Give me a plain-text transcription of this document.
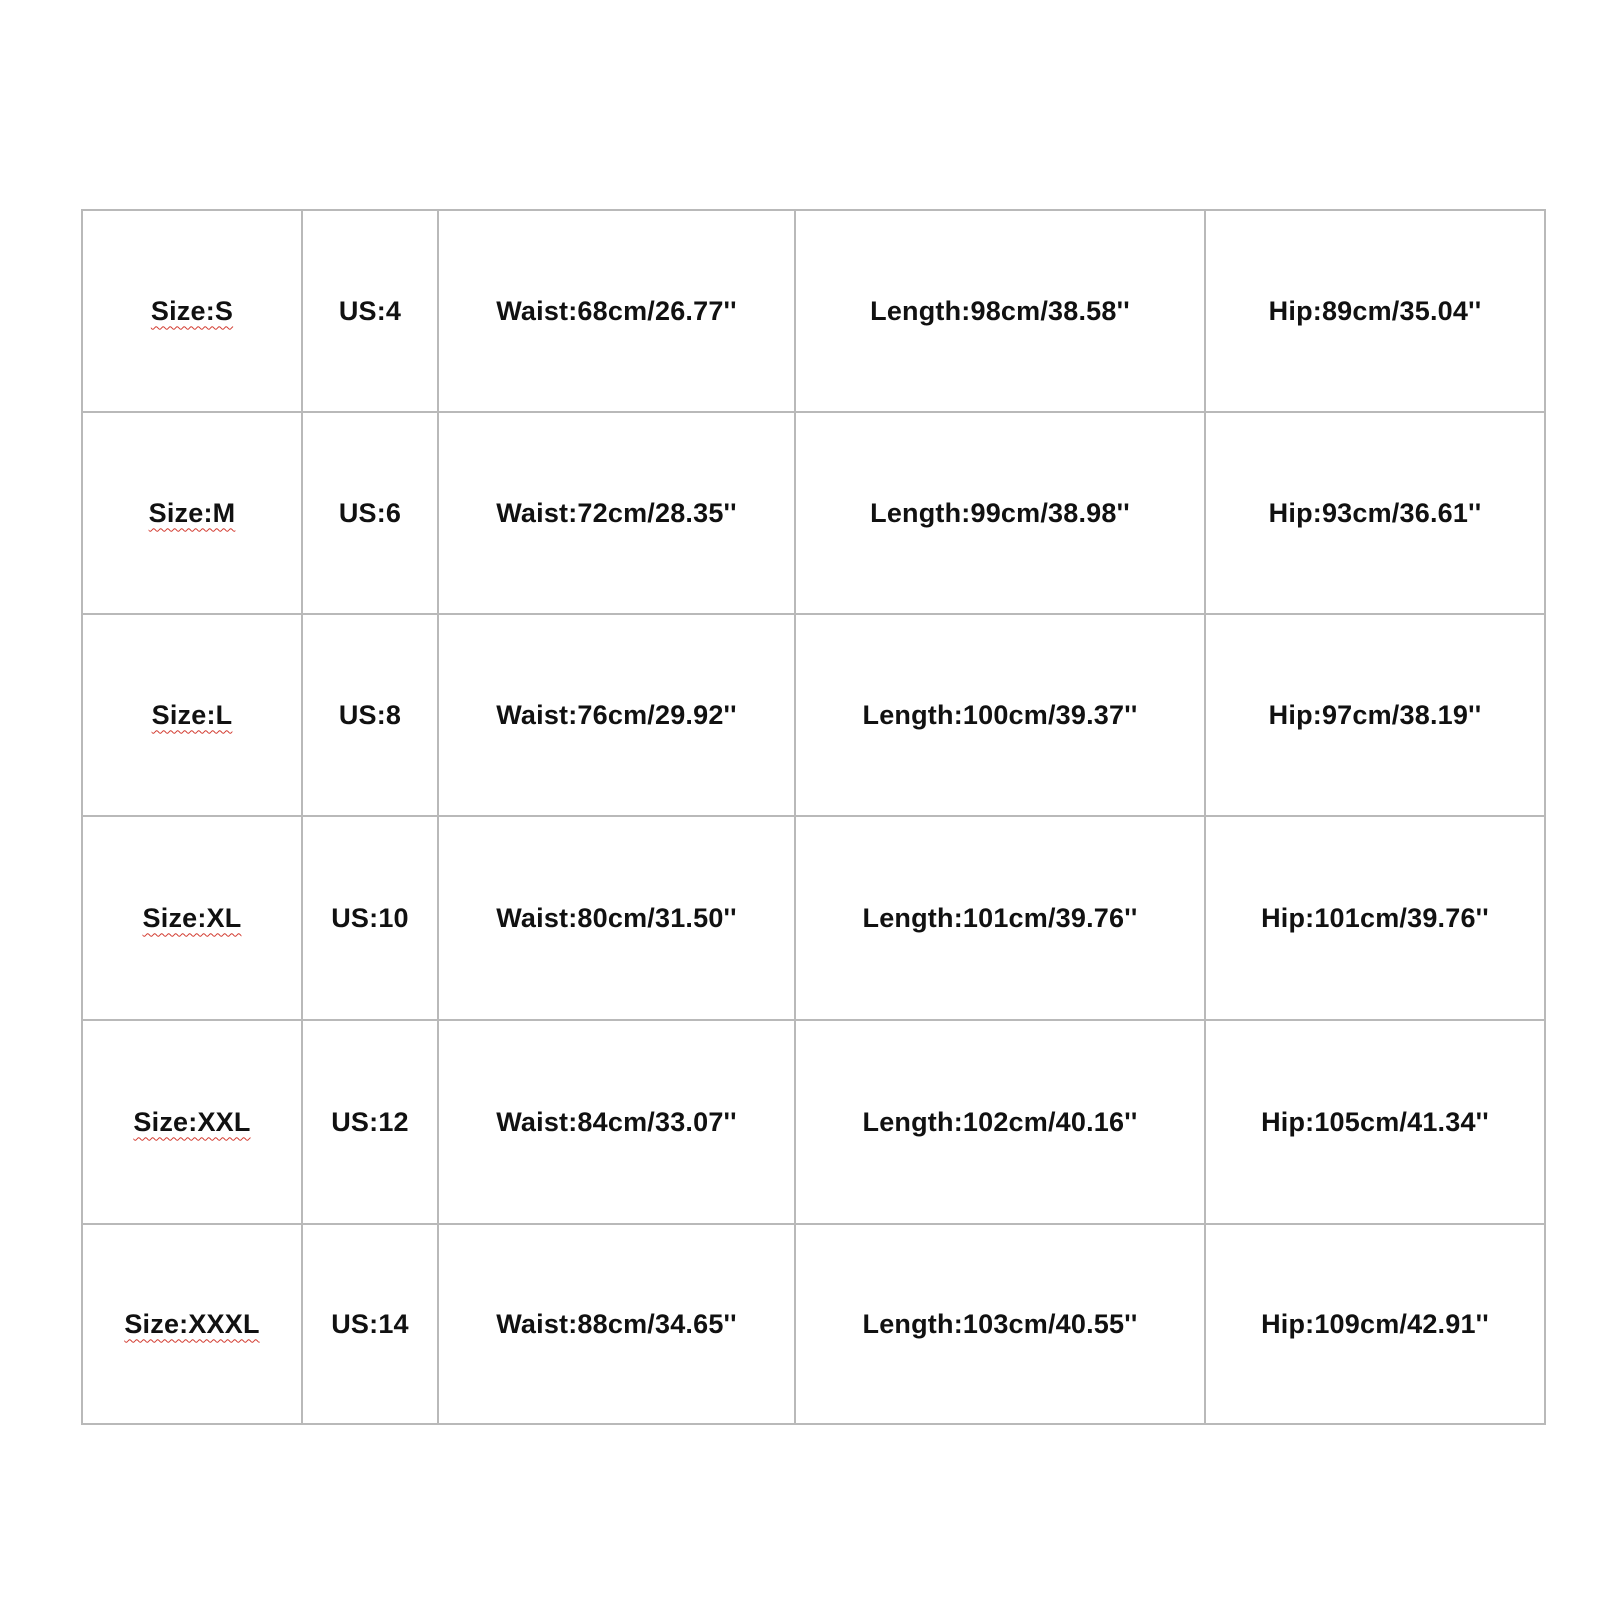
Size:S	US:4	Waist:68cm/26.77''	Length:98cm/38.58''	Hip:89cm/35.04''
Size:M	US:6	Waist:72cm/28.35''	Length:99cm/38.98''	Hip:93cm/36.61''
Size:L	US:8	Waist:76cm/29.92''	Length:100cm/39.37''	Hip:97cm/38.19''
Size:XL	US:10	Waist:80cm/31.50''	Length:101cm/39.76''	Hip:101cm/39.76''
Size:XXL	US:12	Waist:84cm/33.07''	Length:102cm/40.16''	Hip:105cm/41.34''
Size:XXXL	US:14	Waist:88cm/34.65''	Length:103cm/40.55''	Hip:109cm/42.91''
